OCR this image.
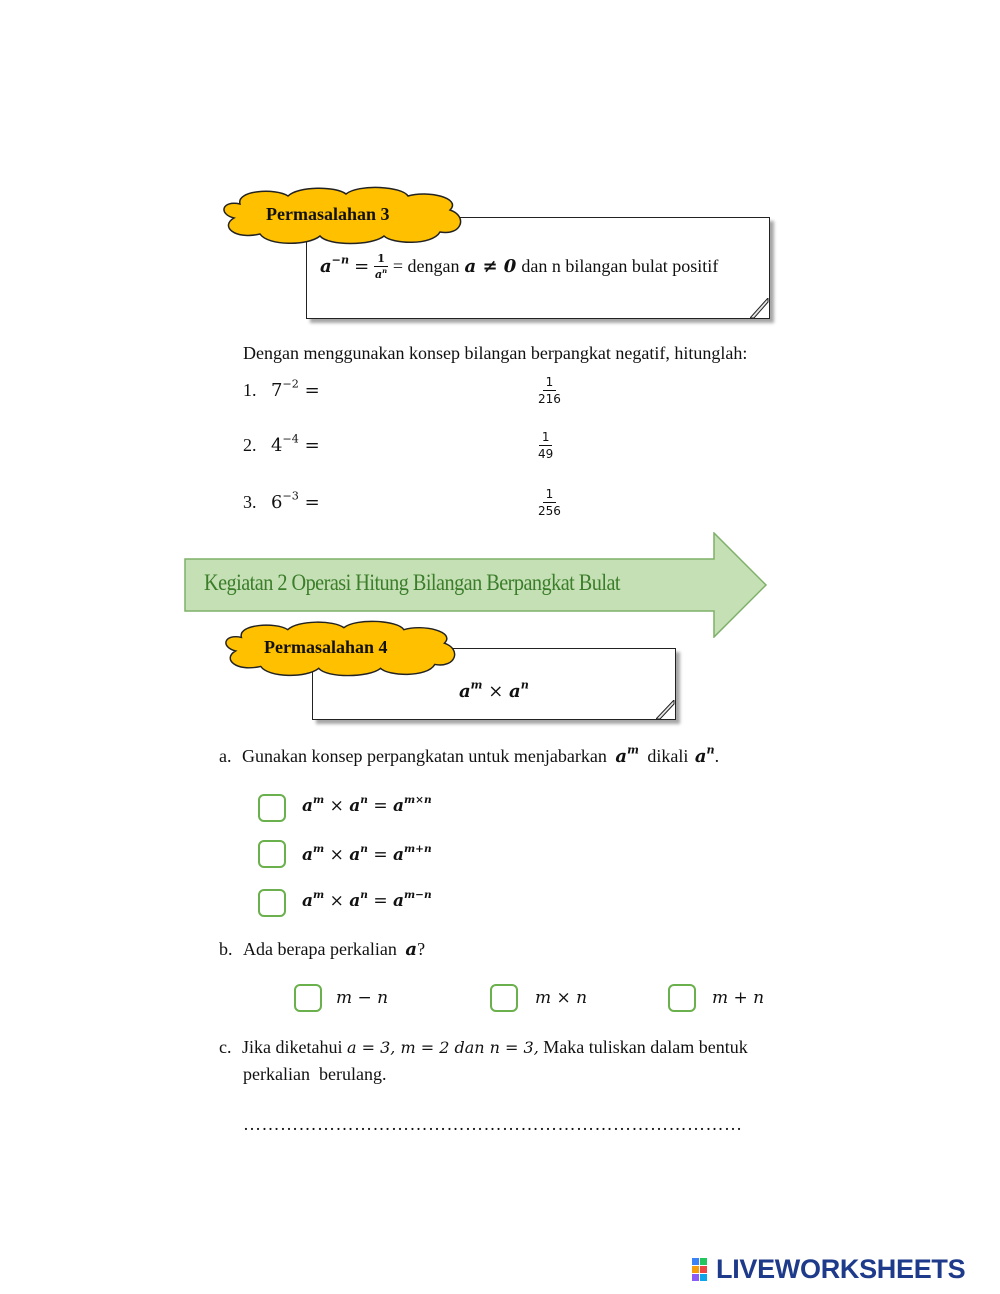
Permasalahan 3
$a^{-n} = \frac{1}{a^n}$ = dengan a ≠ 0 dan n bilangan bulat positif
Dengan menggunakan konsep bilangan berpangkat negatif, hitunglah:
1. $7^{-2}$ =	$\frac{1}{216}$
2. $4^{-4}$ =	$\frac{1}{49}$
3. $6^{-3}$ =	$\frac{1}{256}$
Kegiatan 2 Operasi Hitung Bilangan Berpangkat Bulat
Permasalahan 4
$a^m \times a^n$
a. Gunakan konsep perpangkatan untuk menjabarkan $a^m$ dikali $a^n$.
$a^m \times a^n = a^{m\times n}$
$a^m \times a^n = a^{m+n}$
$a^m \times a^n = a^{m-n}$
b. Ada berapa perkalian a?
m − n	m × n	m + n
c. Jika diketahui a = 3, m = 2 dan n = 3, Maka tuliskan dalam bentuk
perkalian  berulang.
………………………………………………………………………
LIVEWORKSHEETS
